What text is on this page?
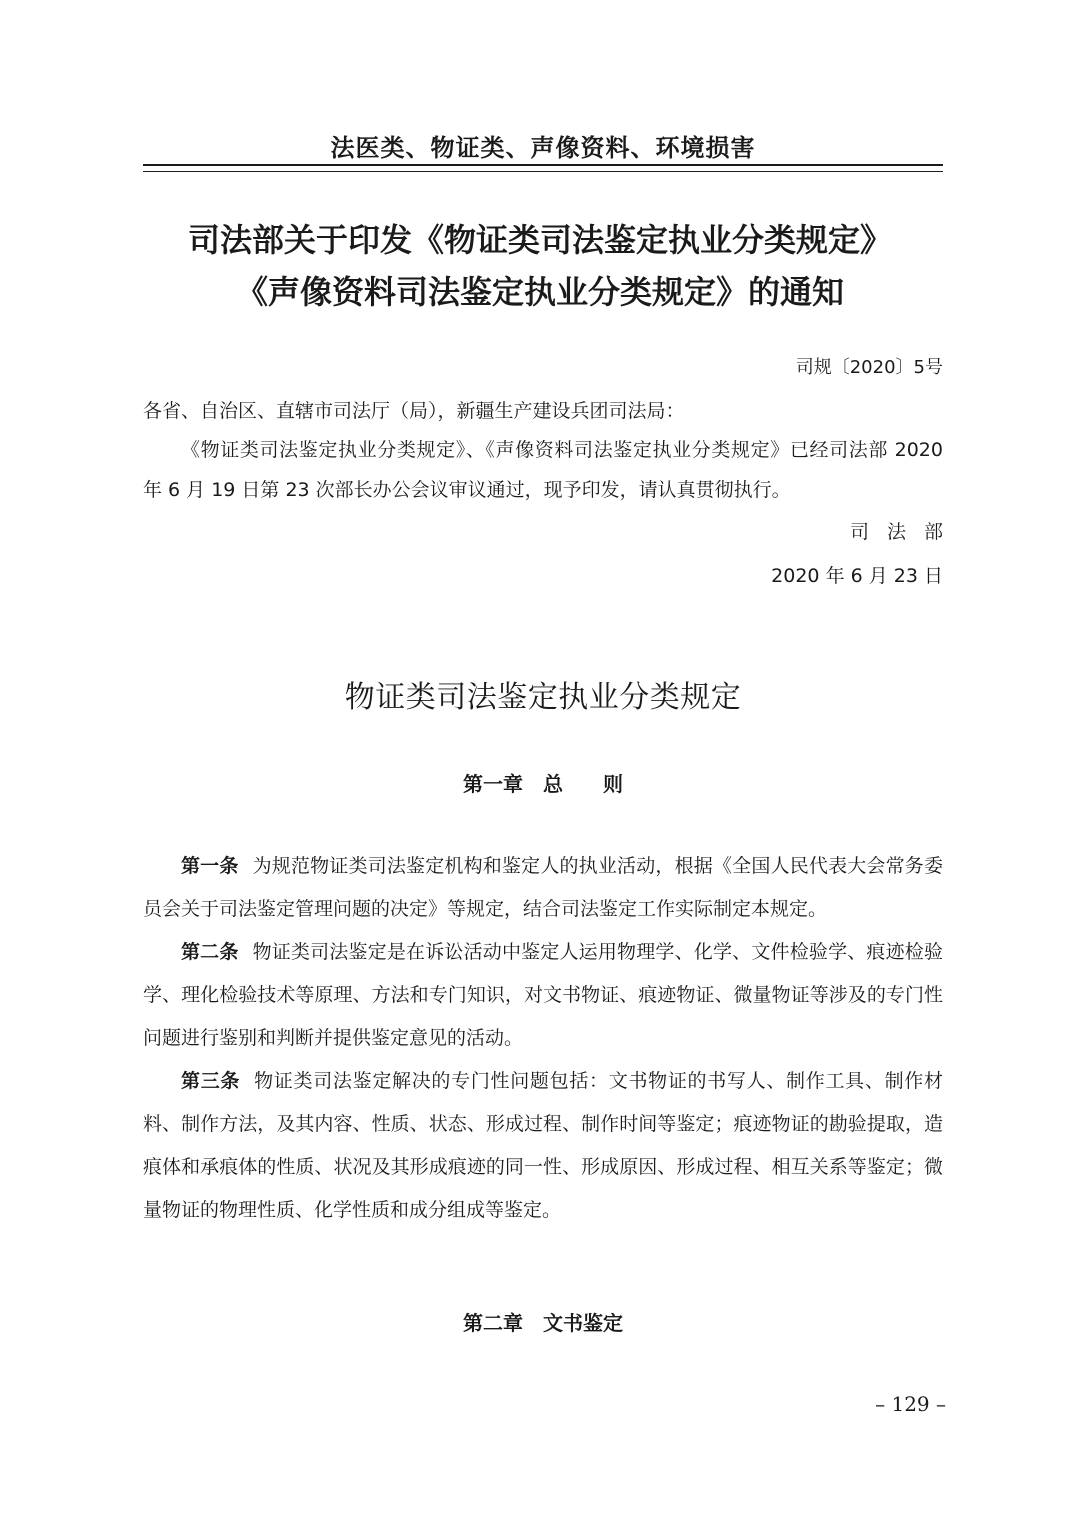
法医类、物证类、声像资料、环境损害
司法部关于印发《物证类司法鉴定执业分类规定》
《声像资料司法鉴定执业分类规定》的通知
司规〔2020〕5号
各省、自治区、直辖市司法厅（局），新疆生产建设兵团司法局：

《物证类司法鉴定执业分类规定》、《声像资料司法鉴定执业分类规定》已经司法部 2020 年 6 月 19 日第 23 次部长办公会议审议通过，现予印发，请认真贯彻执行。

司法部
2020 年 6 月 23 日
物证类司法鉴定执业分类规定
第一章　总　　则

第一条 为规范物证类司法鉴定机构和鉴定人的执业活动，根据《全国人民代表大会常务委员会关于司法鉴定管理问题的决定》等规定，结合司法鉴定工作实际制定本规定。

第二条 物证类司法鉴定是在诉讼活动中鉴定人运用物理学、化学、文件检验学、痕迹检验学、理化检验技术等原理、方法和专门知识，对文书物证、痕迹物证、微量物证等涉及的专门性问题进行鉴别和判断并提供鉴定意见的活动。

第三条 物证类司法鉴定解决的专门性问题包括：文书物证的书写人、制作工具、制作材料、制作方法，及其内容、性质、状态、形成过程、制作时间等鉴定；痕迹物证的勘验提取，造痕体和承痕体的性质、状况及其形成痕迹的同一性、形成原因、形成过程、相互关系等鉴定；微量物证的物理性质、化学性质和成分组成等鉴定。

第二章　文书鉴定
– 129 –
